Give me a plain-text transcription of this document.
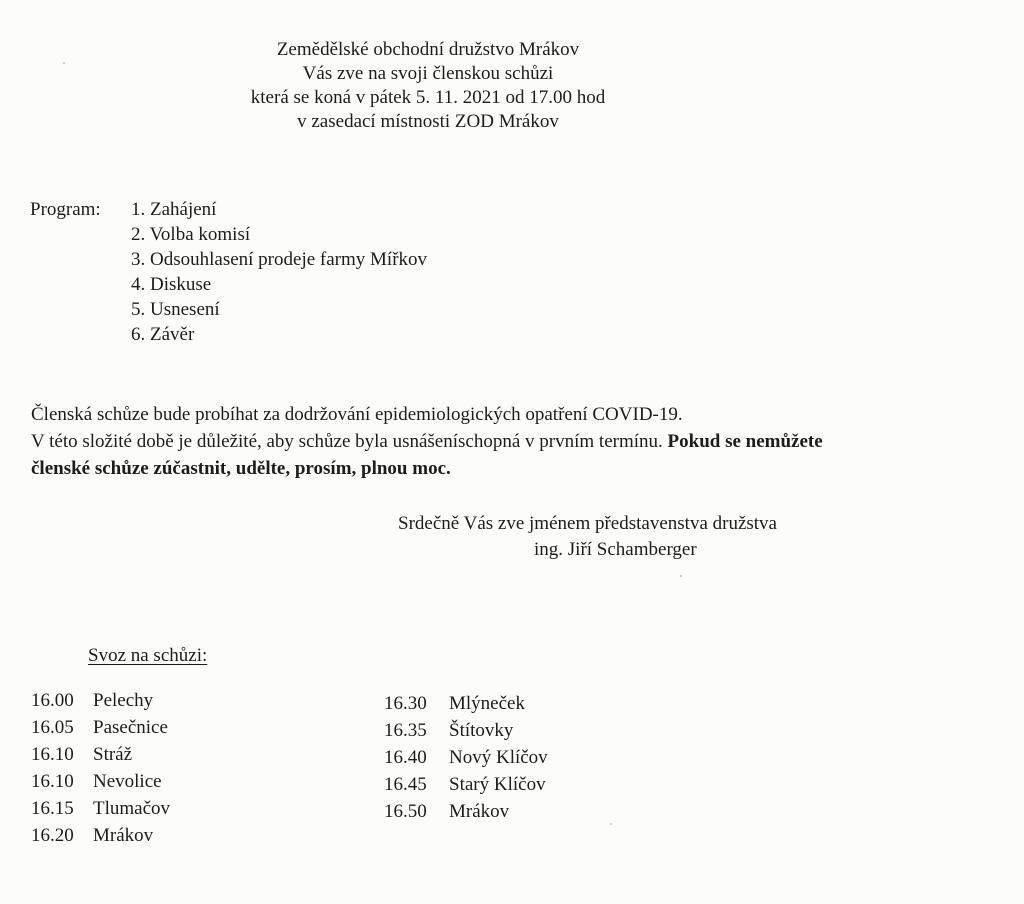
Zemědělské obchodní družstvo Mrákov
Vás zve na svoji členskou schůzi
která se koná v pátek 5. 11. 2021 od 17.00 hod
v zasedací místnosti ZOD Mrákov
Program: 1. Zahájení
2. Volba komisí
3. Odsouhlasení prodeje farmy Mířkov
4. Diskuse
5. Usnesení
6. Závěr
Členská schůze bude probíhat za dodržování epidemiologických opatření COVID-19.
V této složité době je důležité, aby schůze byla usnášeníschopná v prvním termínu. Pokud se nemůžete
členské schůze zúčastnit, udělte, prosím, plnou moc.
Srdečně Vás zve jménem představenstva družstva
ing. Jiří Schamberger
Svoz na schůzi:
16.00 Pelechy
16.05 Pasečnice
16.10 Stráž
16.10 Nevolice
16.15 Tlumačov
16.20 Mrákov
16.30 Mlýneček
16.35 Štítovky
16.40 Nový Klíčov
16.45 Starý Klíčov
16.50 Mrákov
